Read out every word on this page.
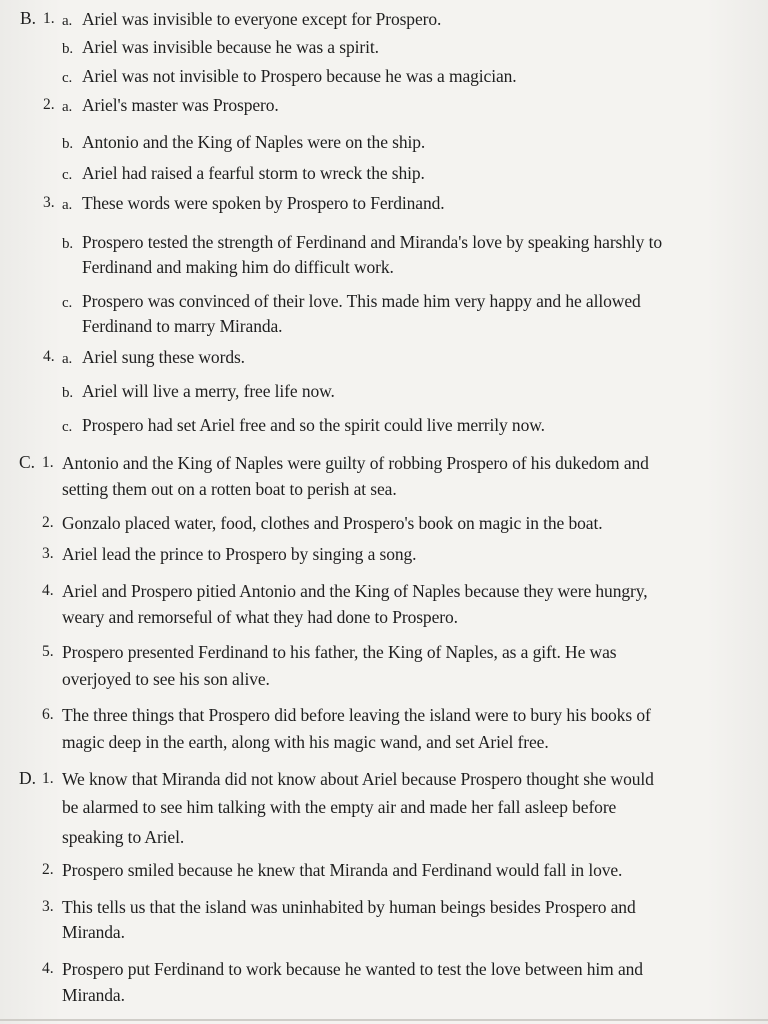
B. 1. a. Ariel was invisible to everyone except for Prospero.
b. Ariel was invisible because he was a spirit.
c. Ariel was not invisible to Prospero because he was a magician.
2. a. Ariel's master was Prospero.
b. Antonio and the King of Naples were on the ship.
c. Ariel had raised a fearful storm to wreck the ship.
3. a. These words were spoken by Prospero to Ferdinand.
b. Prospero tested the strength of Ferdinand and Miranda's love by speaking harshly to
Ferdinand and making him do difficult work.
c. Prospero was convinced of their love. This made him very happy and he allowed
Ferdinand to marry Miranda.
4. a. Ariel sung these words.
b. Ariel will live a merry, free life now.
c. Prospero had set Ariel free and so the spirit could live merrily now.
C. 1. Antonio and the King of Naples were guilty of robbing Prospero of his dukedom and
setting them out on a rotten boat to perish at sea.
2. Gonzalo placed water, food, clothes and Prospero's book on magic in the boat.
3. Ariel lead the prince to Prospero by singing a song.
4. Ariel and Prospero pitied Antonio and the King of Naples because they were hungry,
weary and remorseful of what they had done to Prospero.
5. Prospero presented Ferdinand to his father, the King of Naples, as a gift. He was
overjoyed to see his son alive.
6. The three things that Prospero did before leaving the island were to bury his books of
magic deep in the earth, along with his magic wand, and set Ariel free.
D. 1. We know that Miranda did not know about Ariel because Prospero thought she would
be alarmed to see him talking with the empty air and made her fall asleep before
speaking to Ariel.
2. Prospero smiled because he knew that Miranda and Ferdinand would fall in love.
3. This tells us that the island was uninhabited by human beings besides Prospero and
Miranda.
4. Prospero put Ferdinand to work because he wanted to test the love between him and
Miranda.
